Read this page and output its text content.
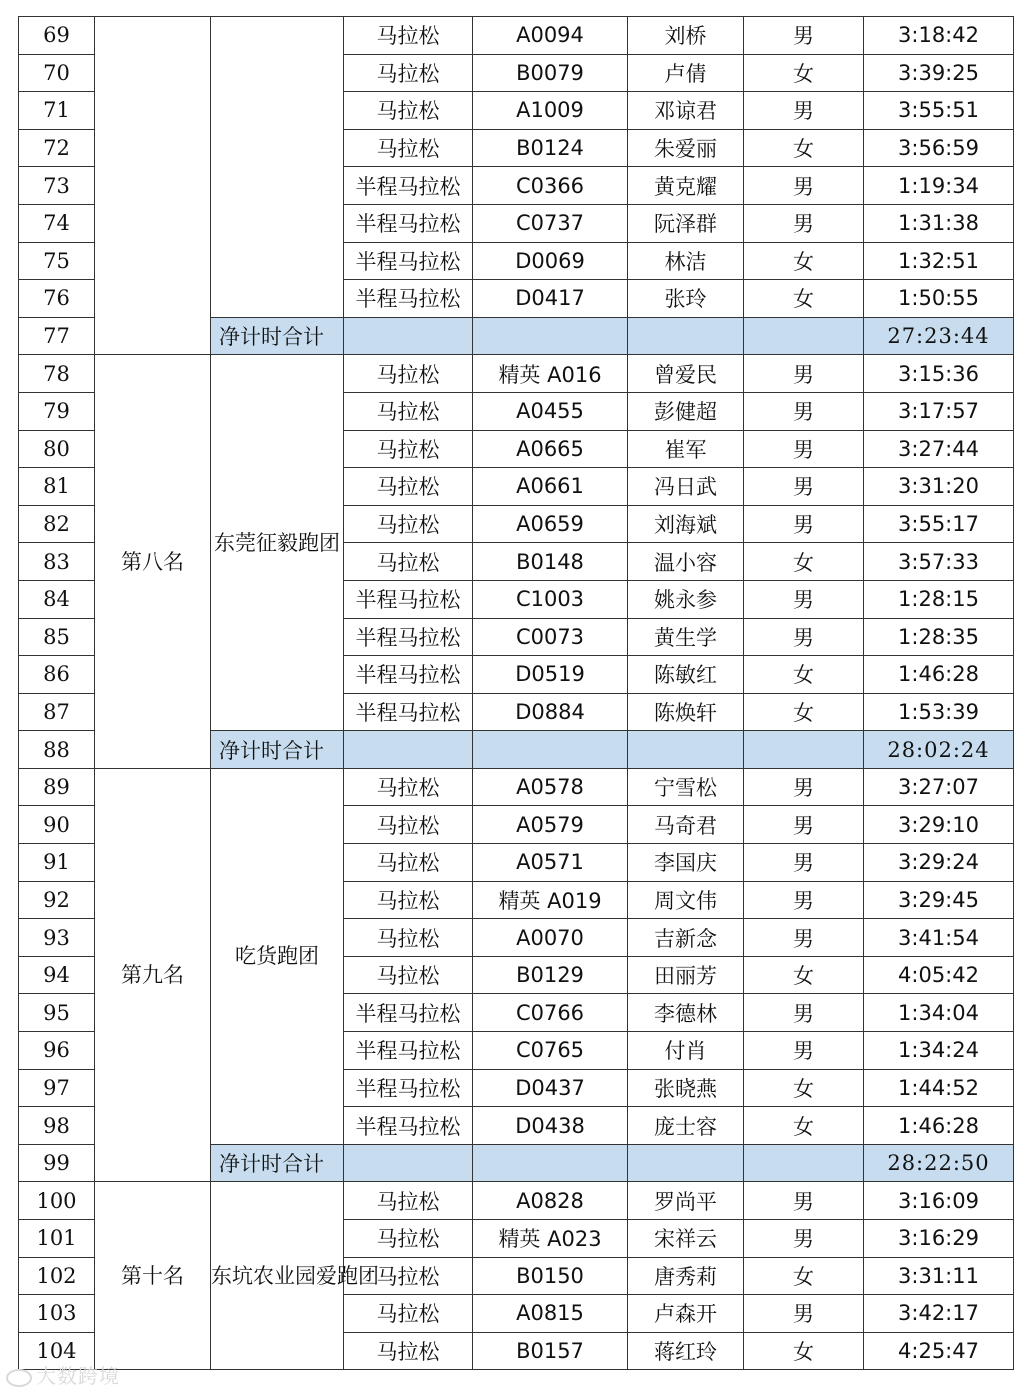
69			马拉松	A0094	刘桥	男	3:18:42
70			马拉松	B0079	卢倩	女	3:39:25
71			马拉松	A1009	邓谅君	男	3:55:51
72			马拉松	B0124	朱爱丽	女	3:56:59
73			半程马拉松	C0366	黄克耀	男	1:19:34
74			半程马拉松	C0737	阮泽群	男	1:31:38
75			半程马拉松	D0069	林洁	女	1:32:51
76			半程马拉松	D0417	张玲	女	1:50:55
77		净计时合计					27:23:44
78	第八名	东莞征毅跑团	马拉松	精英 A016	曾爱民	男	3:15:36
79			马拉松	A0455	彭健超	男	3:17:57
80			马拉松	A0665	崔军	男	3:27:44
81			马拉松	A0661	冯日武	男	3:31:20
82			马拉松	A0659	刘海斌	男	3:55:17
83			马拉松	B0148	温小容	女	3:57:33
84			半程马拉松	C1003	姚永参	男	1:28:15
85			半程马拉松	C0073	黄生学	男	1:28:35
86			半程马拉松	D0519	陈敏红	女	1:46:28
87			半程马拉松	D0884	陈焕轩	女	1:53:39
88		净计时合计					28:02:24
89	第九名	吃货跑团	马拉松	A0578	宁雪松	男	3:27:07
90			马拉松	A0579	马奇君	男	3:29:10
91			马拉松	A0571	李国庆	男	3:29:24
92			马拉松	精英 A019	周文伟	男	3:29:45
93			马拉松	A0070	吉新念	男	3:41:54
94			马拉松	B0129	田丽芳	女	4:05:42
95			半程马拉松	C0766	李德林	男	1:34:04
96			半程马拉松	C0765	付肖	男	1:34:24
97			半程马拉松	D0437	张晓燕	女	1:44:52
98			半程马拉松	D0438	庞士容	女	1:46:28
99		净计时合计					28:22:50
100	第十名	东坑农业园爱跑团	马拉松	A0828	罗尚平	男	3:16:09
101			马拉松	精英 A023	宋祥云	男	3:16:29
102			马拉松	B0150	唐秀莉	女	3:31:11
103			马拉松	A0815	卢森开	男	3:42:17
104			马拉松	B0157	蒋红玲	女	4:25:47
大数跨境
